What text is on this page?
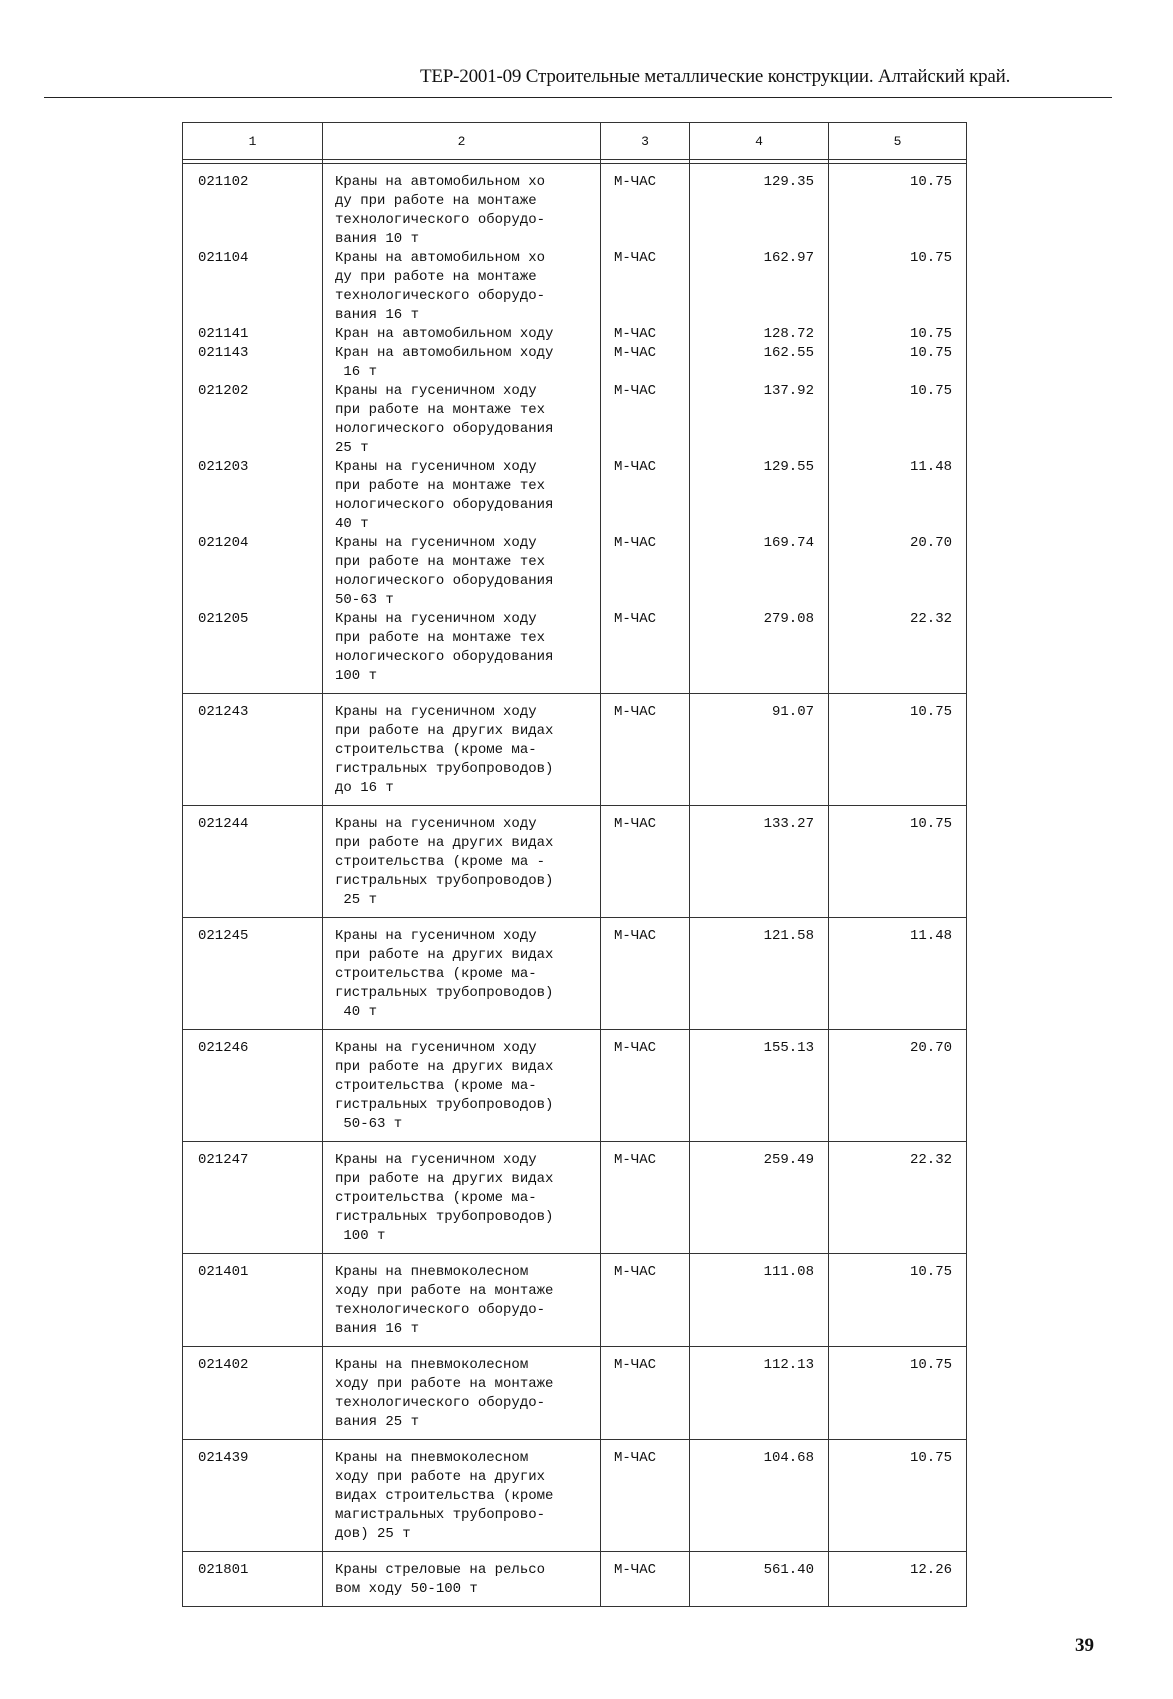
ТЕР-2001-09 Строительные металлические конструкции. Алтайский край.
1	2	3	4	5

021102	Краны на автомобильном хо
ду при работе на монтаже
технологического оборудо-
вания 10 т	М-ЧАС	129.35	10.75
021104	Краны на автомобильном хо
ду при работе на монтаже
технологического оборудо-
вания 16 т	М-ЧАС	162.97	10.75
021141	Кран на автомобильном ходу	М-ЧАС	128.72	10.75
021143	Кран на автомобильном ходу
16 т	М-ЧАС	162.55	10.75
021202	Краны на гусеничном ходу
при работе на монтаже тех
нологического оборудования
25 т	М-ЧАС	137.92	10.75
021203	Краны на гусеничном ходу
при работе на монтаже тех
нологического оборудования
40 т	М-ЧАС	129.55	11.48
021204	Краны на гусеничном ходу
при работе на монтаже тех
нологического оборудования
50-63 т	М-ЧАС	169.74	20.70
021205	Краны на гусеничном ходу
при работе на монтаже тех
нологического оборудования
100 т	М-ЧАС	279.08	22.32
021243	Краны на гусеничном ходу
при работе на других видах
строительства (кроме ма-
гистральных трубопроводов)
до 16 т	М-ЧАС	91.07	10.75
021244	Краны на гусеничном ходу
при работе на других видах
строительства (кроме ма -
гистральных трубопроводов)
25 т	М-ЧАС	133.27	10.75
021245	Краны на гусеничном ходу
при работе на других видах
строительства (кроме ма-
гистральных трубопроводов)
40 т	М-ЧАС	121.58	11.48
021246	Краны на гусеничном ходу
при работе на других видах
строительства (кроме ма-
гистральных трубопроводов)
50-63 т	М-ЧАС	155.13	20.70
021247	Краны на гусеничном ходу
при работе на других видах
строительства (кроме ма-
гистральных трубопроводов)
100 т	М-ЧАС	259.49	22.32
021401	Краны на пневмоколесном
ходу при работе на монтаже
технологического оборудо-
вания 16 т	М-ЧАС	111.08	10.75
021402	Краны на пневмоколесном
ходу при работе на монтаже
технологического оборудо-
вания 25 т	М-ЧАС	112.13	10.75
021439	Краны на пневмоколесном
ходу при работе на других
видах строительства (кроме
магистральных трубопрово-
дов) 25 т	М-ЧАС	104.68	10.75
021801	Краны стреловые на рельсо
вом ходу 50-100 т	М-ЧАС	561.40	12.26
39
